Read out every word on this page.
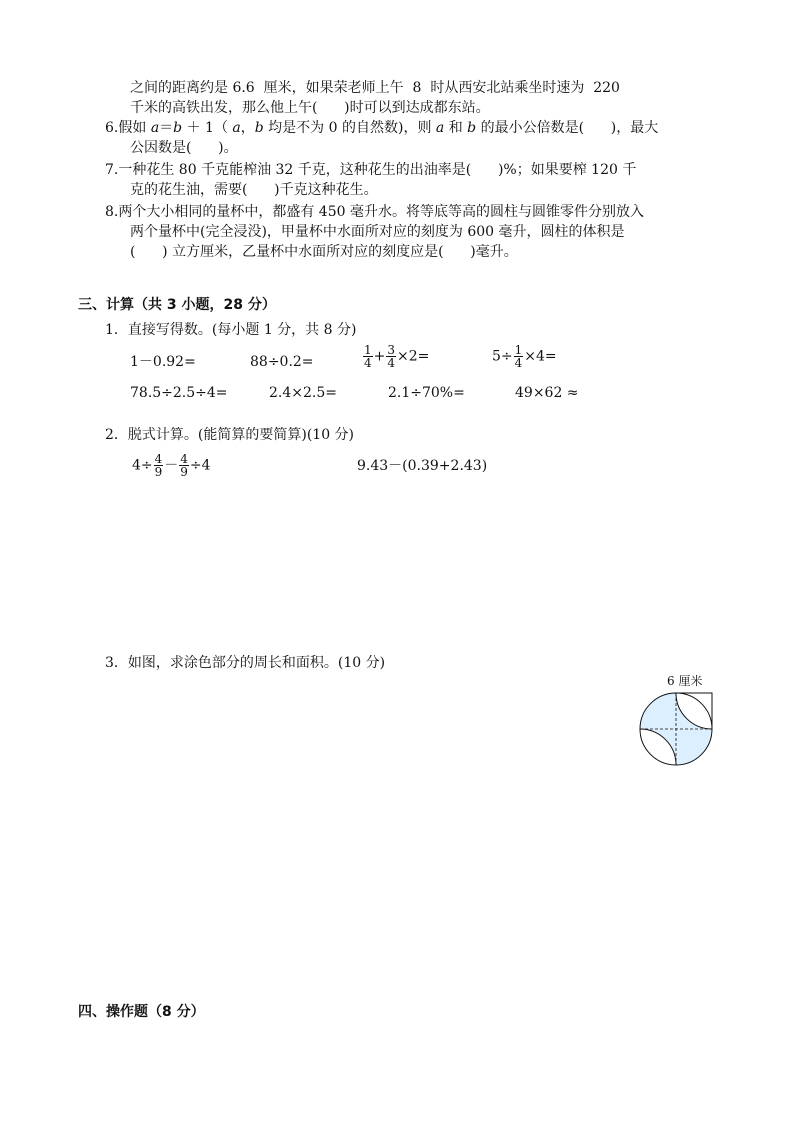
之间的距离约是 6.6  厘米，如果荣老师上午  8  时从西安北站乘坐时速为  220
千米的高铁出发，那么他上午(      )时可以到达成都东站。
6.假如 a＝b ＋ 1（ a，b 均是不为 0 的自然数)，则 a 和 b 的最小公倍数是(      )，最大
公因数是(      )。
7.一种花生 80 千克能榨油 32 千克，这种花生的出油率是(      )%；如果要榨 120 千
克的花生油，需要(      )千克这种花生。
8.两个大小相同的量杯中，都盛有 450 毫升水。将等底等高的圆柱与圆锥零件分别放入
两个量杯中(完全浸没)，甲量杯中水面所对应的刻度为 600 毫升，圆柱的体积是
(      ) 立方厘米，乙量杯中水面所对应的刻度应是(      )毫升。
三、计算（共 3 小题，28 分）
1．直接写得数。(每小题 1 分，共 8 分)
1－0.92=	88÷0.2=	$\frac{1}{4} + \frac{3}{4} \times 2=$	$5\div \frac{1}{4} \times 4=$
78.5÷2.5÷4=	2.4×2.5=	2.1÷70%=	49×62 ≈
2．脱式计算。(能简算的要简算)(10 分)
$4\div \frac{4}{9} - \frac{4}{9} \div 4$	9.43－(0.39+2.43)
3．如图，求涂色部分的周长和面积。(10 分)
6 厘米
四、操作题（8 分）
